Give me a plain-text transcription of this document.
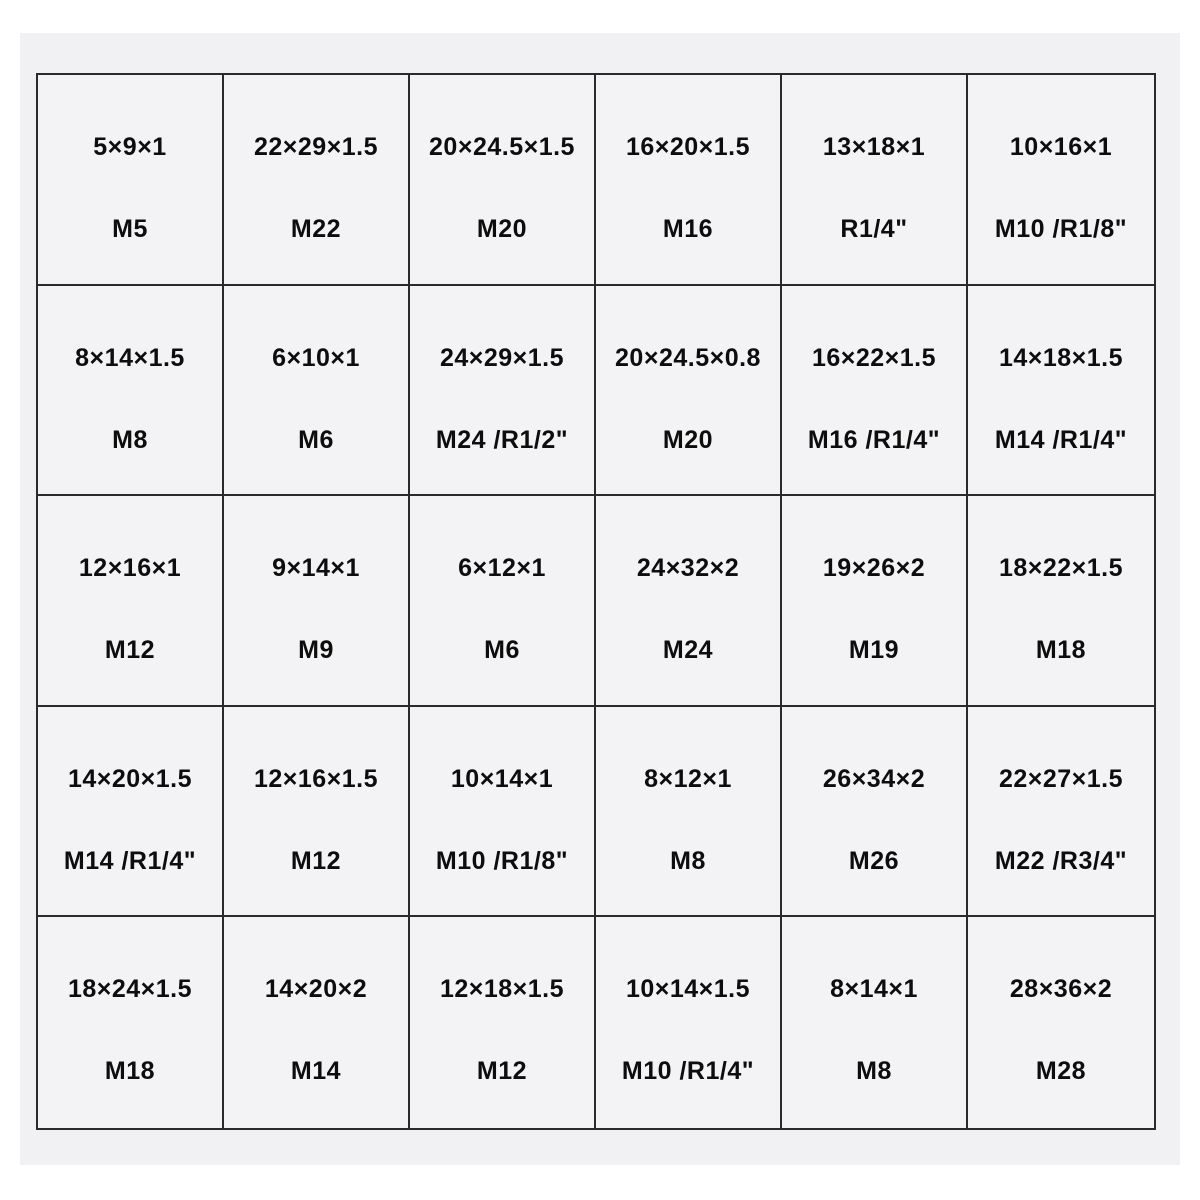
5×9×1
M5
22×29×1.5
M22
20×24.5×1.5
M20
16×20×1.5
M16
13×18×1
R1/4"
10×16×1
M10 /R1/8"
8×14×1.5
M8
6×10×1
M6
24×29×1.5
M24 /R1/2"
20×24.5×0.8
M20
16×22×1.5
M16 /R1/4"
14×18×1.5
M14 /R1/4"
12×16×1
M12
9×14×1
M9
6×12×1
M6
24×32×2
M24
19×26×2
M19
18×22×1.5
M18
14×20×1.5
M14 /R1/4"
12×16×1.5
M12
10×14×1
M10 /R1/8"
8×12×1
M8
26×34×2
M26
22×27×1.5
M22 /R3/4"
18×24×1.5
M18
14×20×2
M14
12×18×1.5
M12
10×14×1.5
M10 /R1/4"
8×14×1
M8
28×36×2
M28
